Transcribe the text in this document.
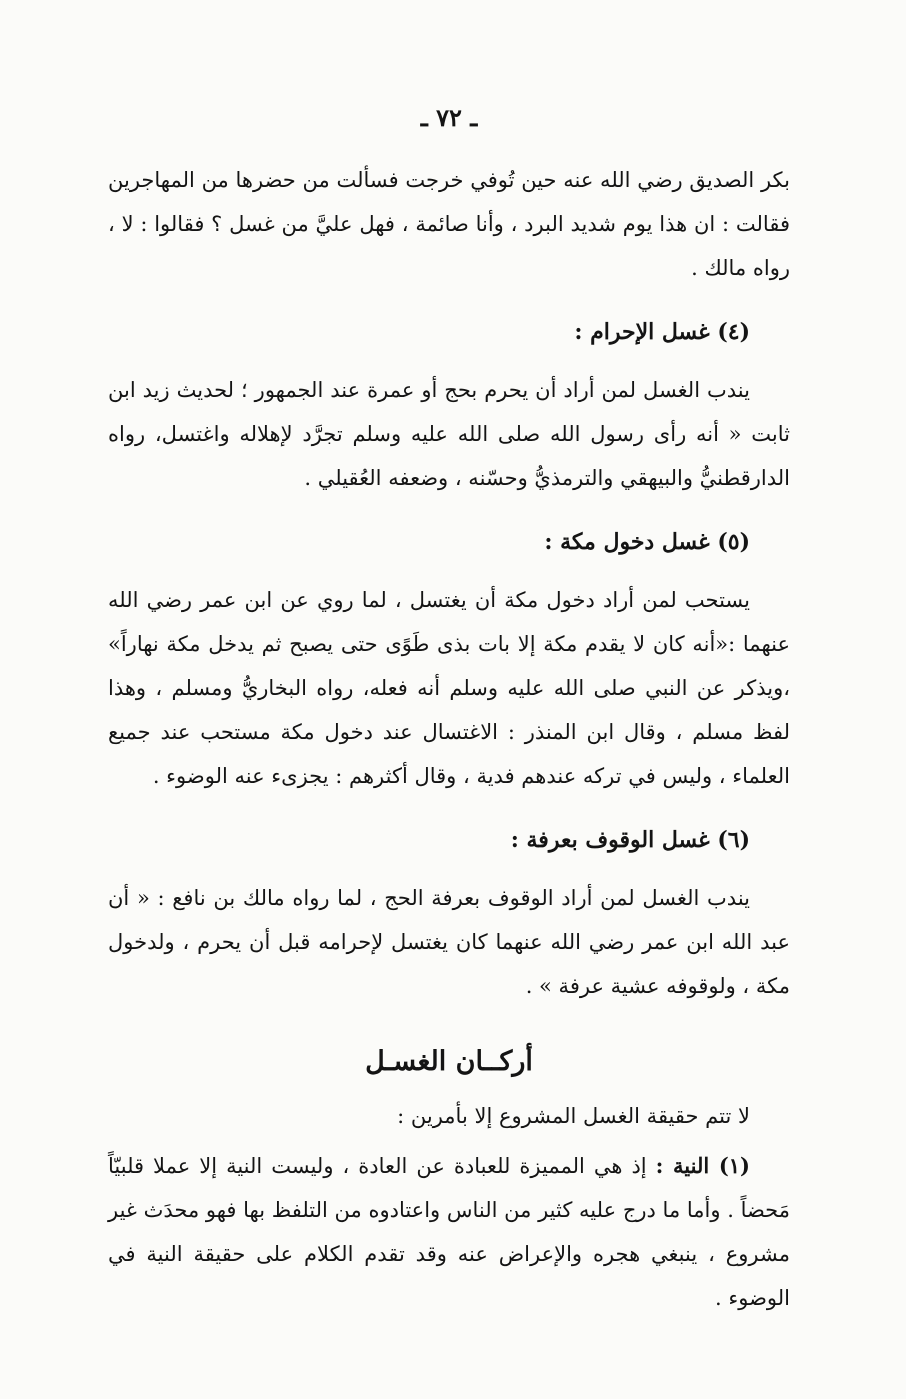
ـ ٧٢ ـ

بكر الصديق رضي الله عنه حين تُوفي خرجت فسألت من حضرها من المهاجرين فقالت : ان هذا يوم شديد البرد ، وأنا صائمة ، فهل عليَّ من غسل ؟ فقالوا : لا ، رواه مالك .

(٤) غسل الإحرام :

يندب الغسل لمن أراد أن يحرم بحج أو عمرة عند الجمهور ؛ لحديث زيد ابن ثابت « أنه رأى رسول الله صلى الله عليه وسلم تجرَّد لإهلاله واغتسل، رواه الدارقطنيُّ والبيهقي والترمذيُّ وحسّنه ، وضعفه العُقيلي .

(٥) غسل دخول مكة :

يستحب لمن أراد دخول مكة أن يغتسل ، لما روي عن ابن عمر رضي الله عنهما :«أنه كان لا يقدم مكة إلا بات بذى طَوًى حتى يصبح ثم يدخل مكة نهاراً» ،ويذكر عن النبي صلى الله عليه وسلم أنه فعله، رواه البخاريُّ ومسلم ، وهذا لفظ مسلم ، وقال ابن المنذر : الاغتسال عند دخول مكة مستحب عند جميع العلماء ، وليس في تركه عندهم فدية ، وقال أكثرهم : يجزىء عنه الوضوء .

(٦) غسل الوقوف بعرفة :

يندب الغسل لمن أراد الوقوف بعرفة الحج ، لما رواه مالك بن نافع : « أن عبد الله ابن عمر رضي الله عنهما كان يغتسل لإحرامه قبل أن يحرم ، ولدخول مكة ، ولوقوفه عشية عرفة » .

أركــان الغسـل

لا تتم حقيقة الغسل المشروع إلا بأمرين :

(١) النية : إذ هي المميزة للعبادة عن العادة ، وليست النية إلا عملا قلبيّاً مَحضاً . وأما ما درج عليه كثير من الناس واعتادوه من التلفظ بها فهو محدَث غير مشروع ، ينبغي هجره والإعراض عنه وقد تقدم الكلام على حقيقة النية في الوضوء .
